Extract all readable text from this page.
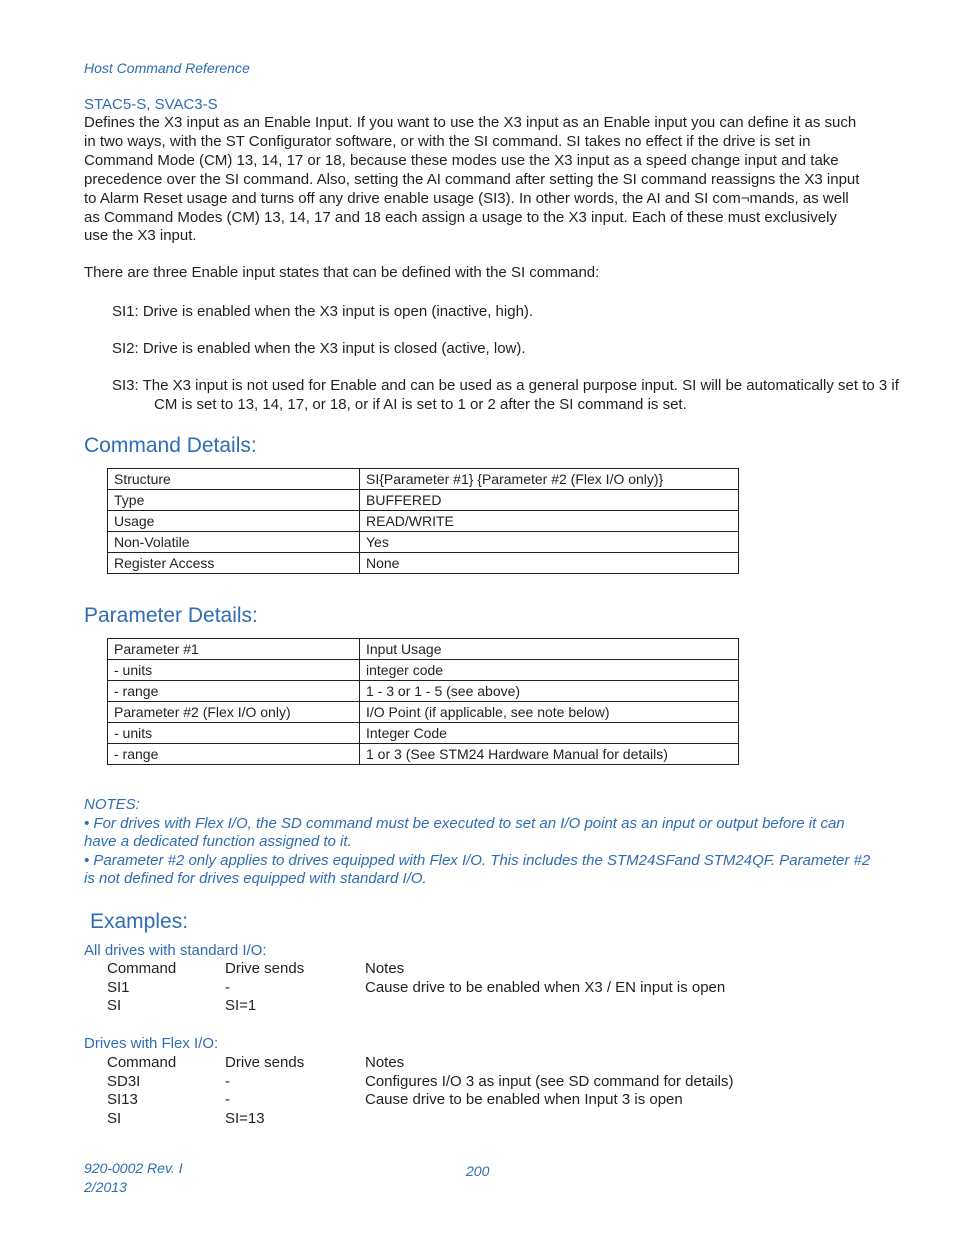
Host Command Reference
STAC5-S, SVAC3-S
Defines the X3 input as an Enable Input. If you want to use the X3 input as an Enable input you can define it as such in two ways, with the ST Configurator software, or with the SI command. SI takes no effect if the drive is set in Command Mode (CM) 13, 14, 17 or 18, because these modes use the X3 input as a speed change input and take precedence over the SI command. Also, setting the AI command after setting the SI command reassigns the X3 input to Alarm Reset usage and turns off any drive enable usage (SI3). In other words, the AI and SI com¬mands, as well as Command Modes (CM) 13, 14, 17 and 18 each assign a usage to the X3 input. Each of these must exclusively use the X3 input.
There are three Enable input states that can be defined with the SI command:
SI1: Drive is enabled when the X3 input is open (inactive, high).
SI2: Drive is enabled when the X3 input is closed (active, low).
SI3: The X3 input is not used for Enable and can be used as a general purpose input. SI will be automatically set to 3 if CM is set to 13, 14, 17, or 18, or if AI is set to 1 or 2 after the SI command is set.
Command Details:
Structure	SI{Parameter #1} {Parameter #2 (Flex I/O only)}
Type	BUFFERED
Usage	READ/WRITE
Non-Volatile	Yes
Register Access	None
Parameter Details:
Parameter #1	Input Usage
- units	integer code
- range	1 - 3 or 1 - 5 (see above)
Parameter #2 (Flex I/O only)	I/O Point (if applicable, see note below)
- units	Integer Code
- range	1 or 3 (See STM24 Hardware Manual for details)
NOTES:
• For drives with Flex I/O, the SD command must be executed to set an I/O point as an input or output before it can have a dedicated function assigned to it.
• Parameter #2 only applies to drives equipped with Flex I/O. This includes the STM24SFand STM24QF. Parameter #2 is not defined for drives equipped with standard I/O.
Examples:
All drives with standard I/O:
Command	Drive sends	Notes
SI1	-	Cause drive to be enabled when X3 / EN input is open
SI	SI=1
Drives with Flex I/O:
Command	Drive sends	Notes
SD3I	-	Configures I/O 3 as input (see SD command for details)
SI13	-	Cause drive to be enabled when Input 3 is open
SI	SI=13
920-0002 Rev. I
2/2013
200
